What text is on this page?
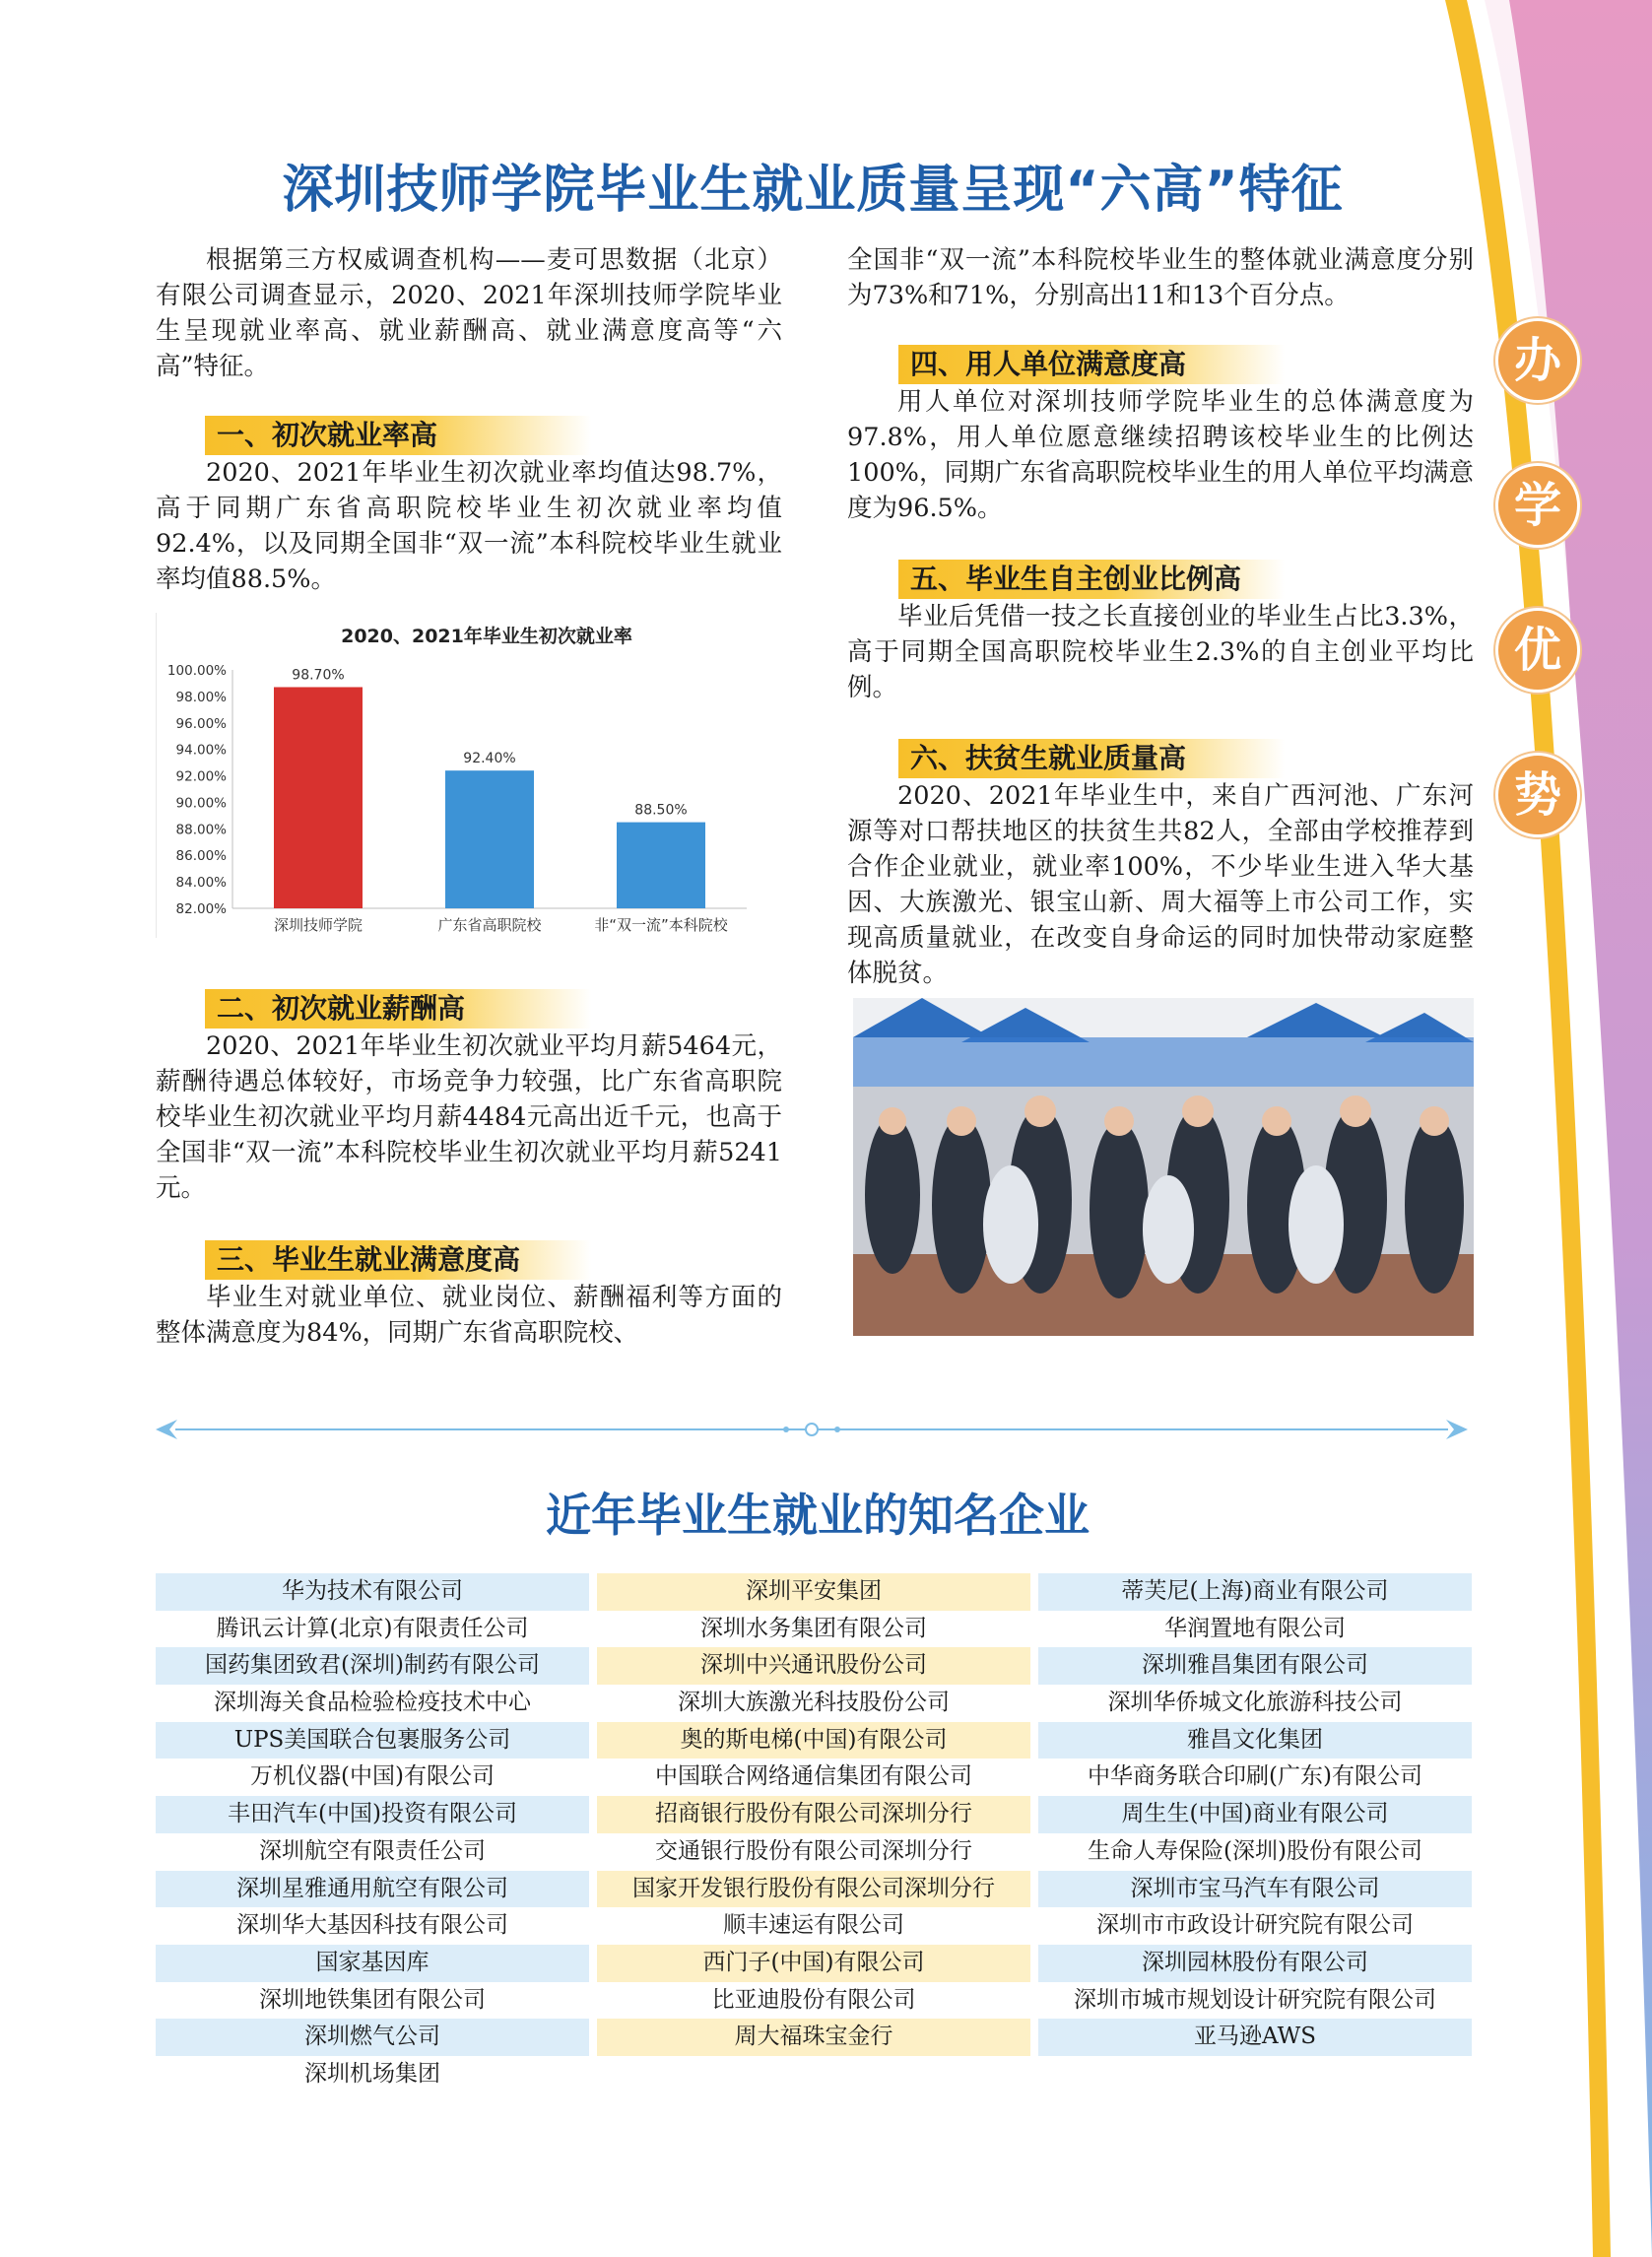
深圳技师学院毕业生就业质量呈现“六高”特征
办
学
优
势

根据第三方权威调查机构——麦可思数据（北京）有限公司调查显示，2020、2021年深圳技师学院毕业生呈现就业率高、就业薪酬高、就业满意度高等“六高”特征。

一、初次就业率高

2020、2021年毕业生初次就业率均值达98.7%，高于同期广东省高职院校毕业生初次就业率均值92.4%，以及同期全国非“双一流”本科院校毕业生就业率均值88.5%。

2020、2021年毕业生初次就业率
82.00%
84.00%
86.00%
88.00%
90.00%
92.00%
94.00%
96.00%
98.00%
100.00%	98.70%
深圳技师学院
92.40%
广东省高职院校
88.50%
非“双一流”本科院校
二、初次就业薪酬高

2020、2021年毕业生初次就业平均月薪5464元，薪酬待遇总体较好，市场竞争力较强，比广东省高职院校毕业生初次就业平均月薪4484元高出近千元，也高于全国非“双一流”本科院校毕业生初次就业平均月薪5241元。

三、毕业生就业满意度高

毕业生对就业单位、就业岗位、薪酬福利等方面的整体满意度为84%，同期广东省高职院校、

全国非“双一流”本科院校毕业生的整体就业满意度分别为73%和71%，分别高出11和13个百分点。

四、用人单位满意度高

用人单位对深圳技师学院毕业生的总体满意度为97.8%，用人单位愿意继续招聘该校毕业生的比例达100%，同期广东省高职院校毕业生的用人单位平均满意度为96.5%。

五、毕业生自主创业比例高

毕业后凭借一技之长直接创业的毕业生占比3.3%，高于同期全国高职院校毕业生2.3%的自主创业平均比例。

六、扶贫生就业质量高

2020、2021年毕业生中，来自广西河池、广东河源等对口帮扶地区的扶贫生共82人，全部由学校推荐到合作企业就业，就业率100%，不少毕业生进入华大基因、大族激光、银宝山新、周大福等上市公司工作，实现高质量就业，在改变自身命运的同时加快带动家庭整体脱贫。

近年毕业生就业的知名企业
华为技术有限公司	深圳平安集团	蒂芙尼(上海)商业有限公司
腾讯云计算(北京)有限责任公司	深圳水务集团有限公司	华润置地有限公司
国药集团致君(深圳)制药有限公司	深圳中兴通讯股份公司	深圳雅昌集团有限公司
深圳海关食品检验检疫技术中心	深圳大族激光科技股份公司	深圳华侨城文化旅游科技公司
UPS美国联合包裹服务公司	奥的斯电梯(中国)有限公司	雅昌文化集团
万机仪器(中国)有限公司	中国联合网络通信集团有限公司	中华商务联合印刷(广东)有限公司
丰田汽车(中国)投资有限公司	招商银行股份有限公司深圳分行	周生生(中国)商业有限公司
深圳航空有限责任公司	交通银行股份有限公司深圳分行	生命人寿保险(深圳)股份有限公司
深圳星雅通用航空有限公司	国家开发银行股份有限公司深圳分行	深圳市宝马汽车有限公司
深圳华大基因科技有限公司	顺丰速运有限公司	深圳市市政设计研究院有限公司
国家基因库	西门子(中国)有限公司	深圳园林股份有限公司
深圳地铁集团有限公司	比亚迪股份有限公司	深圳市城市规划设计研究院有限公司
深圳燃气公司	周大福珠宝金行	亚马逊AWS
深圳机场集团
